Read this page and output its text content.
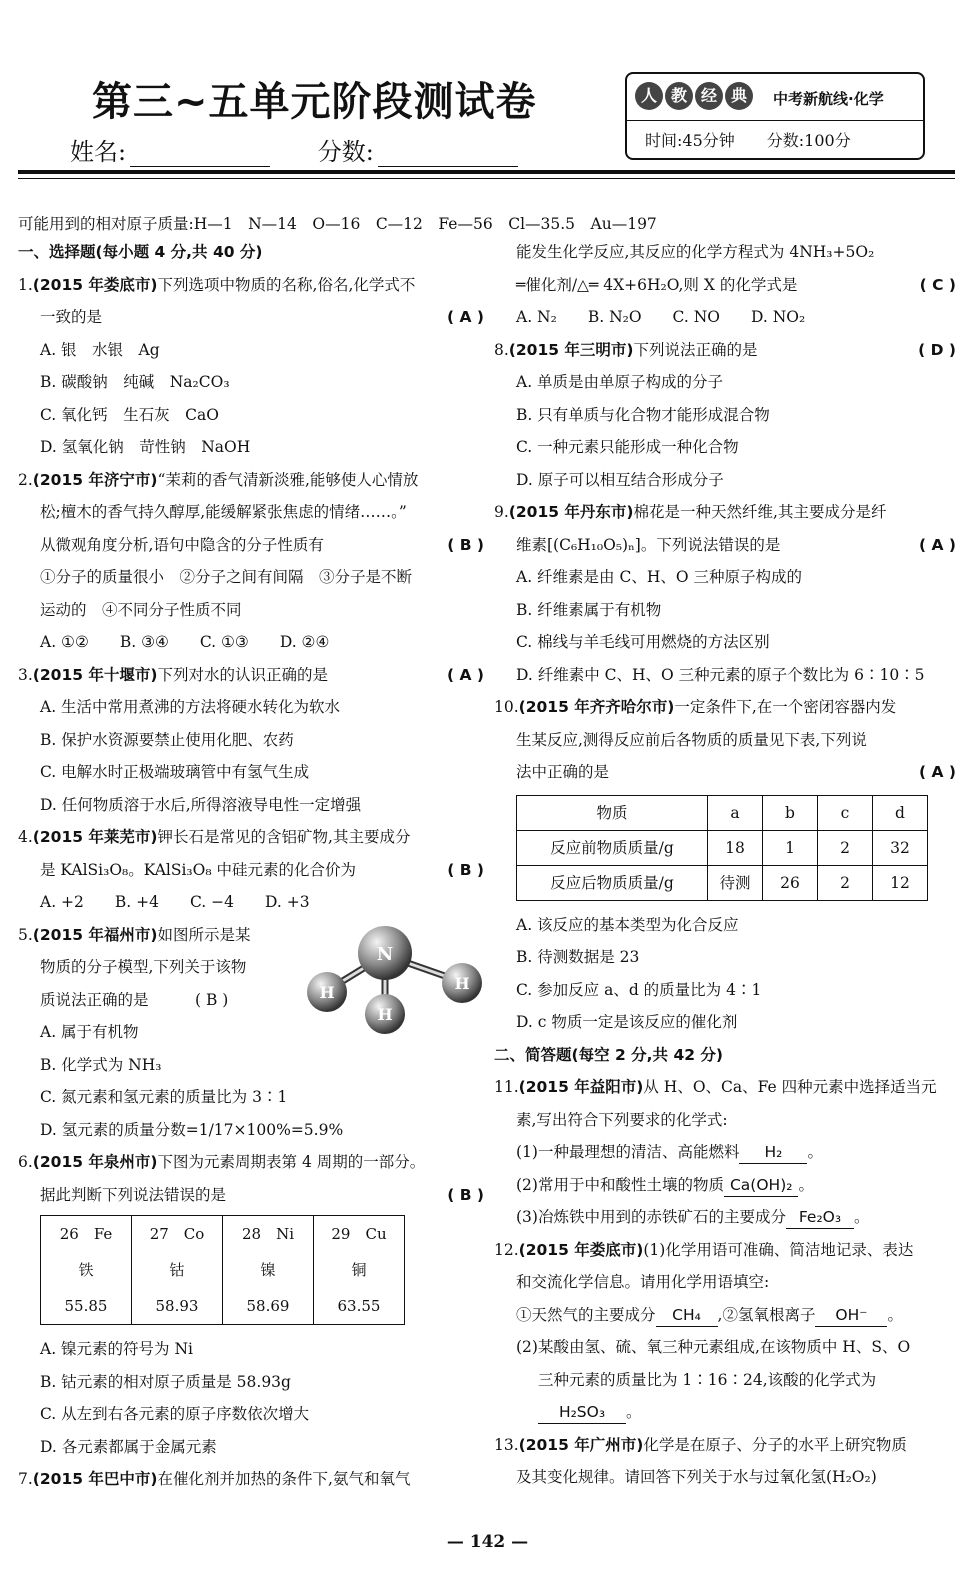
第三~五单元阶段测试卷
姓名:	分数:
人 教 经 典	中考新航线·化学
时间:45分钟　　 分数:100分
可能用到的相对原子质量:H—1　N—14　O—16　C—12　Fe—56　Cl—35.5　Au—197
一、选择题(每小题 4 分,共 40 分)
1.(2015 年娄底市)下列选项中物质的名称,俗名,化学式不
( A )
一致的是
A. 银　水银　Ag
B. 碳酸钠　纯碱　Na₂CO₃
C. 氧化钙　生石灰　CaO
D. 氢氧化钠　苛性钠　NaOH
2.(2015 年济宁市)“茉莉的香气清新淡雅,能够使人心情放
松;檀木的香气持久醇厚,能缓解紧张焦虑的情绪……。”
( B )
从微观角度分析,语句中隐含的分子性质有
①分子的质量很小　②分子之间有间隔　③分子是不断
运动的　④不同分子性质不同
A. ①②　　B. ③④　　C. ①③　　D. ②④
( A )
3.(2015 年十堰市)下列对水的认识正确的是
A. 生活中常用煮沸的方法将硬水转化为软水
B. 保护水资源要禁止使用化肥、农药
C. 电解水时正极端玻璃管中有氢气生成
D. 任何物质溶于水后,所得溶液导电性一定增强
4.(2015 年莱芜市)钾长石是常见的含铝矿物,其主要成分
( B )
是 KAlSi₃O₈。KAlSi₃O₈ 中硅元素的化合价为
A. +2　　B. +4　　C. −4　　D. +3
5.(2015 年福州市)如图所示是某
物质的分子模型,下列关于该物
质说法正确的是　　　( B )
A. 属于有机物
B. 化学式为 NH₃
C. 氮元素和氢元素的质量比为 3∶1
D. 氢元素的质量分数=1/17×100%=5.9%
6.(2015 年泉州市)下图为元素周期表第 4 周期的一部分。
( B )
据此判断下列说法错误的是
26　 Fe	27　 Co	28　 Ni	29　 Cu
铁	钴	镍	铜
55.85	58.93	58.69	63.55
A. 镍元素的符号为 Ni
B. 钴元素的相对原子质量是 58.93g
C. 从左到右各元素的原子序数依次增大
D. 各元素都属于金属元素
7.(2015 年巴中市)在催化剂并加热的条件下,氨气和氧气
能发生化学反应,其反应的化学方程式为 4NH₃+5O₂
( C )
═催化剂/△═ 4X+6H₂O,则 X 的化学式是
A. N₂　　B. N₂O　　C. NO　　D. NO₂
( D )
8.(2015 年三明市)下列说法正确的是
A. 单质是由单原子构成的分子
B. 只有单质与化合物才能形成混合物
C. 一种元素只能形成一种化合物
D. 原子可以相互结合形成分子
9.(2015 年丹东市)棉花是一种天然纤维,其主要成分是纤
( A )
维素[(C₆H₁₀O₅)ₙ]。下列说法错误的是
A. 纤维素是由 C、H、O 三种原子构成的
B. 纤维素属于有机物
C. 棉线与羊毛线可用燃烧的方法区别
D. 纤维素中 C、H、O 三种元素的原子个数比为 6∶10∶5
10.(2015 年齐齐哈尔市)一定条件下,在一个密闭容器内发
生某反应,测得反应前后各物质的质量见下表,下列说
( A )
法中正确的是
物质	a	b	c	d
反应前物质质量/g	18	1	2	32
反应后物质质量/g	待测	26	2	12
A. 该反应的基本类型为化合反应
B. 待测数据是 23
C. 参加反应 a、d 的质量比为 4∶1
D. c 物质一定是该反应的催化剂
二、简答题(每空 2 分,共 42 分)
11.(2015 年益阳市)从 H、O、Ca、Fe 四种元素中选择适当元
素,写出符合下列要求的化学式:
(1)一种最理想的清洁、高能燃料 H₂ 。
(2)常用于中和酸性土壤的物质 Ca(OH)₂ 。
(3)冶炼铁中用到的赤铁矿石的主要成分 Fe₂O₃ 。
12.(2015 年娄底市)(1)化学用语可准确、简洁地记录、表达
和交流化学信息。请用化学用语填空:
①天然气的主要成分 CH₄ ,②氢氧根离子 OH⁻ 。
(2)某酸由氢、硫、氧三种元素组成,在该物质中 H、S、O
三种元素的质量比为 1∶16∶24,该酸的化学式为
H₂SO₃ 。
13.(2015 年广州市)化学是在原子、分子的水平上研究物质
及其变化规律。请回答下列关于水与过氧化氢(H₂O₂)
N
H	H
H
— 142 —
